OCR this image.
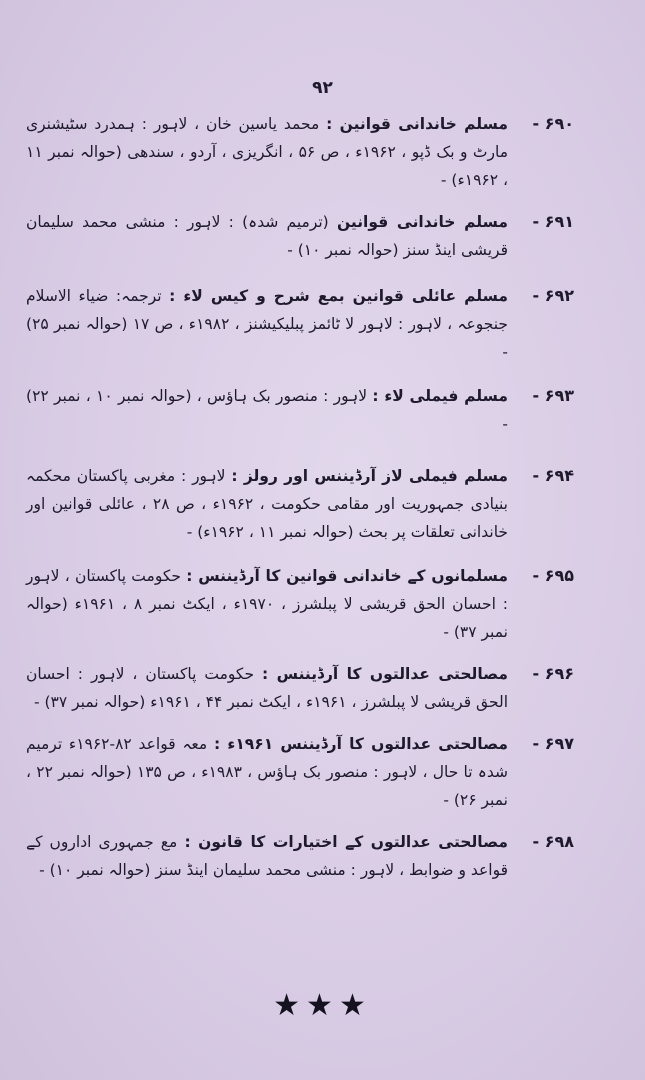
۹۲
۶۹۰ -
مسلم خاندانی قوانین : محمد یاسین خان ، لاہور : ہمدرد سٹیشنری مارٹ و بک ڈپو ، ۱۹۶۲ء ، ص ۵۶ ، انگریزی ، آردو ، سندھی (حوالہ نمبر ۱۱ ، ۱۹۶۲ء) -
۶۹۱ -
مسلم خاندانی قوانین (ترمیم شدہ) : لاہور : منشی محمد سلیمان قریشی اینڈ سنز (حوالہ نمبر ۱۰) -
۶۹۲ -
مسلم عائلی قوانین بمع شرح و کیس لاء : ترجمہ: ضیاء الاسلام جنجوعہ ، لاہور : لاہور لا ٹائمز پبلیکیشنز ، ۱۹۸۲ء ، ص ۱۷ (حوالہ نمبر ۲۵) -
۶۹۳ -
مسلم فیملی لاء : لاہور : منصور بک ہاؤس ، (حوالہ نمبر ۱۰ ، نمبر ۲۲) -
۶۹۴ -
مسلم فیملی لاز آرڈیننس اور رولز : لاہور : مغربی پاکستان محکمہ بنیادی جمہوریت اور مقامی حکومت ، ۱۹۶۲ء ، ص ۲۸ ، عائلی قوانین اور خاندانی تعلقات پر بحث (حوالہ نمبر ۱۱ ، ۱۹۶۲ء) -
۶۹۵ -
مسلمانوں کے خاندانی قوانین کا آرڈیننس : حکومت پاکستان ، لاہور : احسان الحق قریشی لا پبلشرز ، ۱۹۷۰ء ، ایکٹ نمبر ۸ ، ۱۹۶۱ء (حوالہ نمبر ۳۷) -
۶۹۶ -
مصالحتی عدالتوں کا آرڈیننس : حکومت پاکستان ، لاہور : احسان الحق قریشی لا پبلشرز ، ۱۹۶۱ء ، ایکٹ نمبر ۴۴ ، ۱۹۶۱ء (حوالہ نمبر ۳۷) -
۶۹۷ -
مصالحتی عدالتوں کا آرڈیننس ۱۹۶۱ء : معہ قواعد ۸۲-۱۹۶۲ء ترمیم شدہ تا حال ، لاہور : منصور بک ہاؤس ، ۱۹۸۳ء ، ص ۱۳۵ (حوالہ نمبر ۲۲ ، نمبر ۲۶) -
۶۹۸ -
مصالحتی عدالتوں کے اختیارات کا قانون : مع جمہوری اداروں کے قواعد و ضوابط ، لاہور : منشی محمد سلیمان اینڈ سنز (حوالہ نمبر ۱۰) -
★★★
